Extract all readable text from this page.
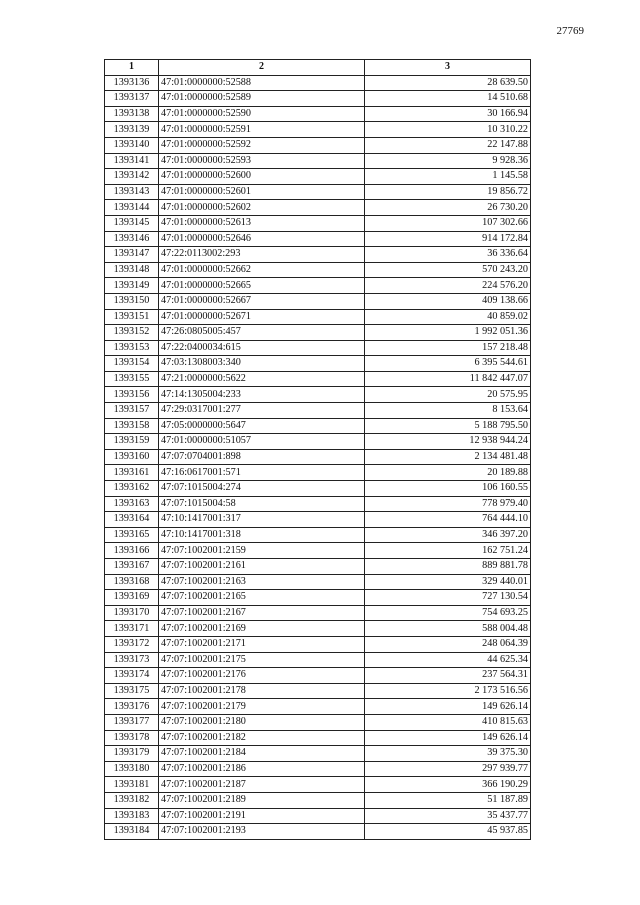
27769
1	2	3
1393136	47:01:0000000:52588	28 639.50
1393137	47:01:0000000:52589	14 510.68
1393138	47:01:0000000:52590	30 166.94
1393139	47:01:0000000:52591	10 310.22
1393140	47:01:0000000:52592	22 147.88
1393141	47:01:0000000:52593	9 928.36
1393142	47:01:0000000:52600	1 145.58
1393143	47:01:0000000:52601	19 856.72
1393144	47:01:0000000:52602	26 730.20
1393145	47:01:0000000:52613	107 302.66
1393146	47:01:0000000:52646	914 172.84
1393147	47:22:0113002:293	36 336.64
1393148	47:01:0000000:52662	570 243.20
1393149	47:01:0000000:52665	224 576.20
1393150	47:01:0000000:52667	409 138.66
1393151	47:01:0000000:52671	40 859.02
1393152	47:26:0805005:457	1 992 051.36
1393153	47:22:0400034:615	157 218.48
1393154	47:03:1308003:340	6 395 544.61
1393155	47:21:0000000:5622	11 842 447.07
1393156	47:14:1305004:233	20 575.95
1393157	47:29:0317001:277	8 153.64
1393158	47:05:0000000:5647	5 188 795.50
1393159	47:01:0000000:51057	12 938 944.24
1393160	47:07:0704001:898	2 134 481.48
1393161	47:16:0617001:571	20 189.88
1393162	47:07:1015004:274	106 160.55
1393163	47:07:1015004:58	778 979.40
1393164	47:10:1417001:317	764 444.10
1393165	47:10:1417001:318	346 397.20
1393166	47:07:1002001:2159	162 751.24
1393167	47:07:1002001:2161	889 881.78
1393168	47:07:1002001:2163	329 440.01
1393169	47:07:1002001:2165	727 130.54
1393170	47:07:1002001:2167	754 693.25
1393171	47:07:1002001:2169	588 004.48
1393172	47:07:1002001:2171	248 064.39
1393173	47:07:1002001:2175	44 625.34
1393174	47:07:1002001:2176	237 564.31
1393175	47:07:1002001:2178	2 173 516.56
1393176	47:07:1002001:2179	149 626.14
1393177	47:07:1002001:2180	410 815.63
1393178	47:07:1002001:2182	149 626.14
1393179	47:07:1002001:2184	39 375.30
1393180	47:07:1002001:2186	297 939.77
1393181	47:07:1002001:2187	366 190.29
1393182	47:07:1002001:2189	51 187.89
1393183	47:07:1002001:2191	35 437.77
1393184	47:07:1002001:2193	45 937.85
